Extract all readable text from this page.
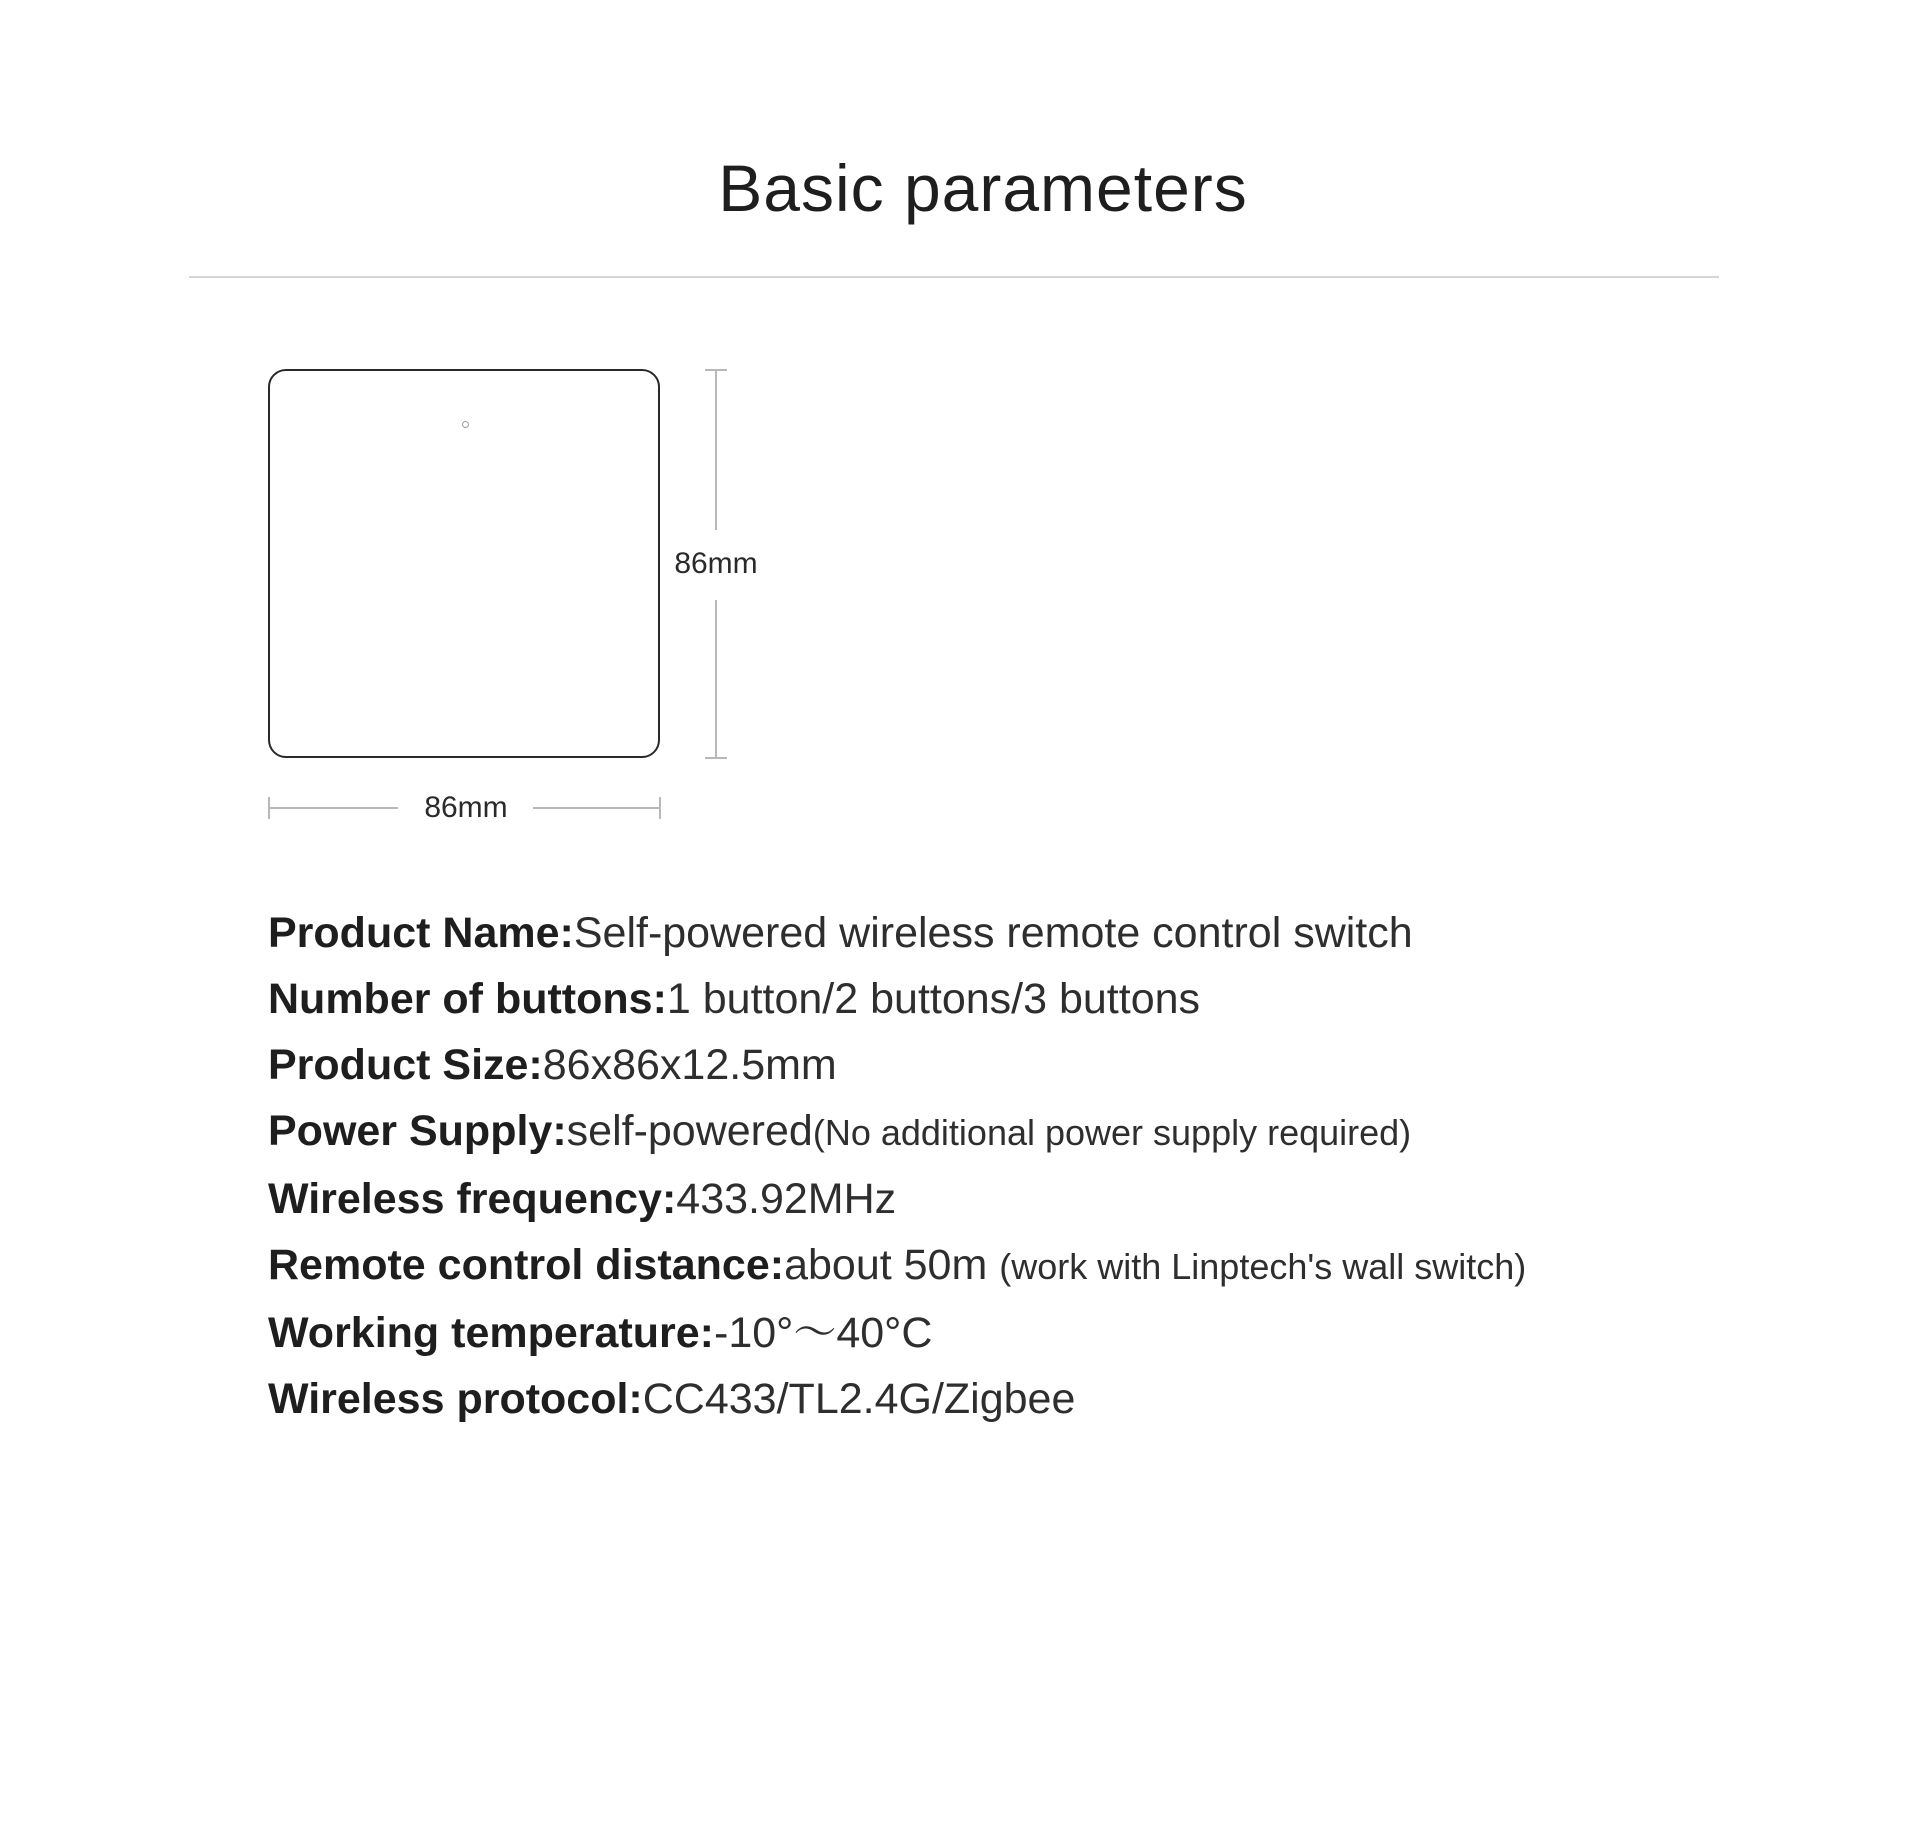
Basic parameters
86mm
86mm
Product Name:Self-powered wireless remote control switch
Number of buttons:1 button/2 buttons/3 buttons
Product Size:86x86x12.5mm
Power Supply:self-powered(No additional power supply required)
Wireless frequency:433.92MHz
Remote control distance:about 50m (work with Linptech's wall switch)
Working temperature:-10°～40°C
Wireless protocol:CC433/TL2.4G/Zigbee
